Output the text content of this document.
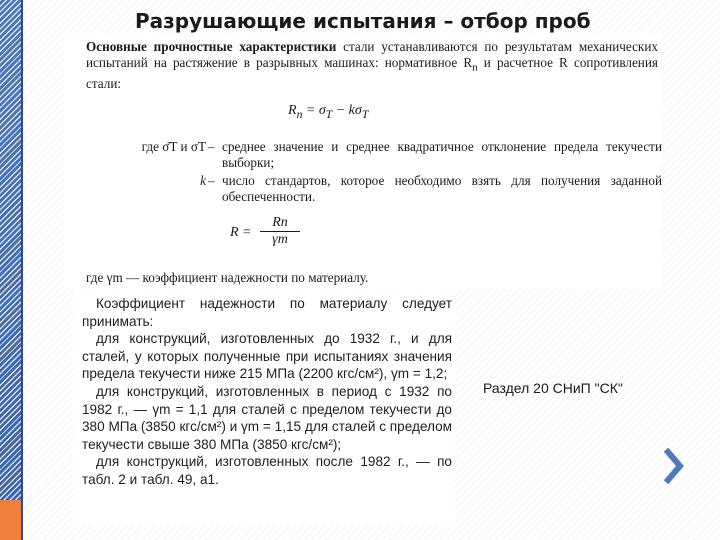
Разрушающие испытания – отбор проб
Основные прочностные характеристики стали устанавливаются по результатам механических испытаний на растяжение в разрывных машинах: нормативное $R_n$ и расчетное R сопротивления стали:
$R_n = \sigma_T - k\sigma_T$
где σ̄T и σT – среднее значение и среднее квадратичное отклонение предела текучести выборки;
k – число стандартов, которое необходимо взять для получения заданной обеспеченности.
$R = \frac{Rn}{\gamma m}$
где γm — коэффициент надежности по материалу.

Коэффициент надежности по материалу следует принимать:

для конструкций, изготовленных до 1932 г., и для сталей, у которых полученные при испытаниях значения предела текучести ниже 215 МПа (2200 кгс/см²), γm = 1,2;

для конструкций, изготовленных в период с 1932 по 1982 г., — γm = 1,1 для сталей с пределом текучести до 380 МПа (3850 кгс/см²) и γm = 1,15 для сталей с пределом текучести свыше 380 МПа (3850 кгс/см²);

для конструкций, изготовленных после 1982 г., — по табл. 2 и табл. 49, а1.

Раздел 20 СНиП "СК"
